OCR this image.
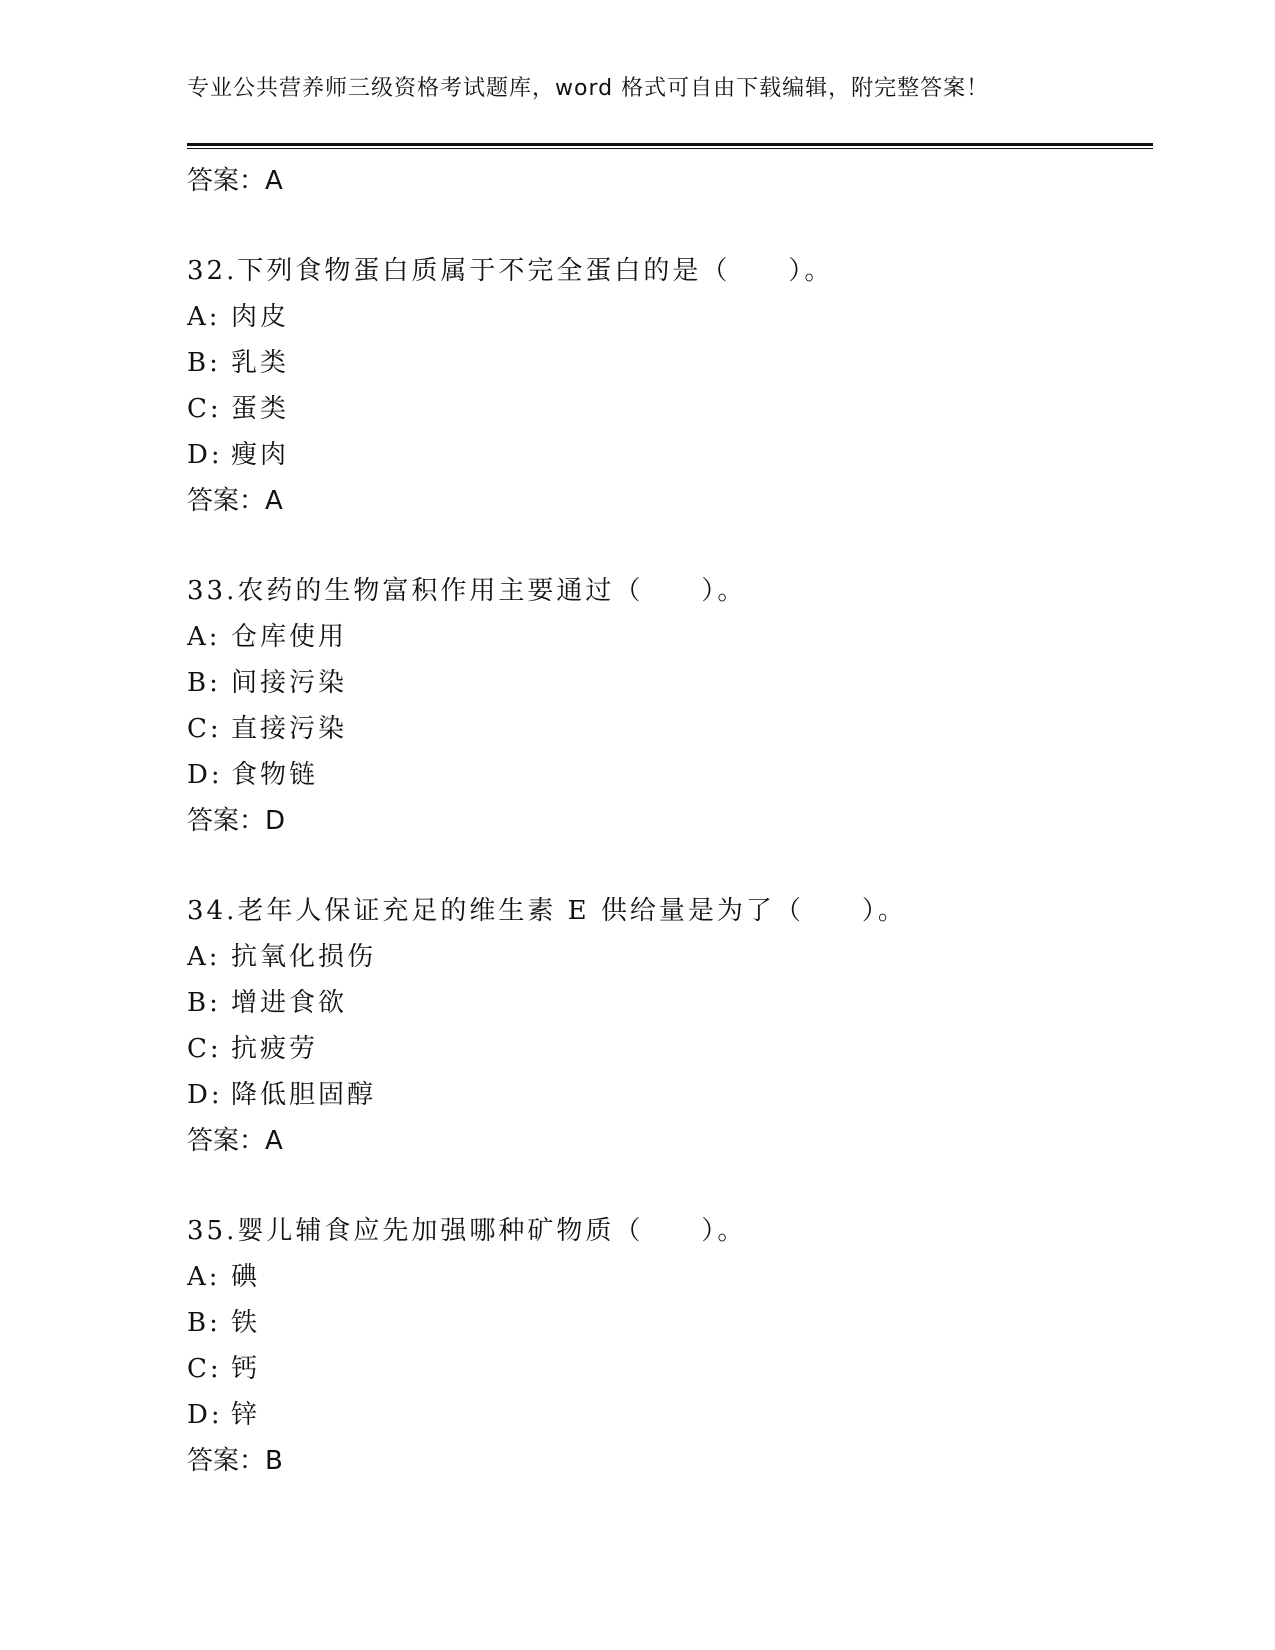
专业公共营养师三级资格考试题库，word 格式可自由下载编辑，附完整答案！
答案：A
32.下列食物蛋白质属于不完全蛋白的是（　　）。
A: 肉皮
B: 乳类
C: 蛋类
D: 瘦肉
答案：A
33.农药的生物富积作用主要通过（　　）。
A: 仓库使用
B: 间接污染
C: 直接污染
D: 食物链
答案：D
34.老年人保证充足的维生素 E 供给量是为了（　　）。
A: 抗氧化损伤
B: 增进食欲
C: 抗疲劳
D: 降低胆固醇
答案：A
35.婴儿辅食应先加强哪种矿物质（　　）。
A: 碘
B: 铁
C: 钙
D: 锌
答案：B
